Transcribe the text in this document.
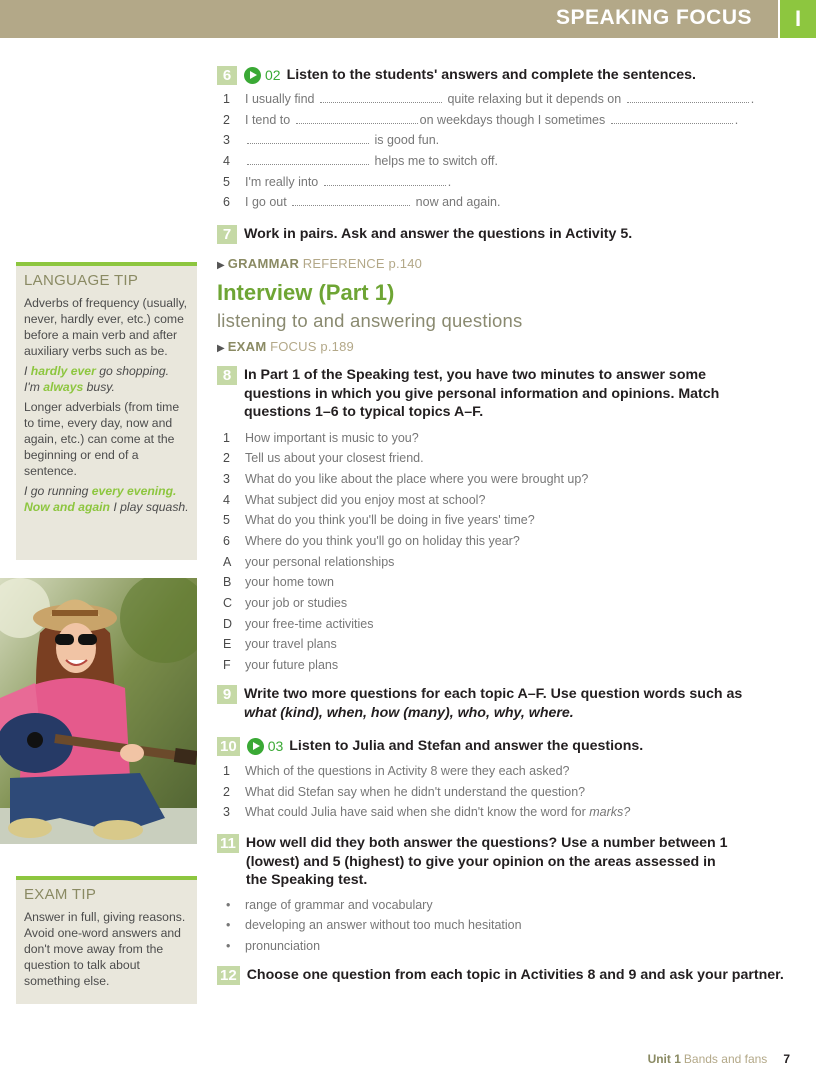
SPEAKING FOCUS	I
LANGUAGE TIP
Adverbs of frequency (usually, never, hardly ever, etc.) come before a main verb and after auxiliary verbs such as be.
I hardly ever go shopping.
I'm always busy.
Longer adverbials (from time to time, every day, now and again, etc.) can come at the beginning or end of a sentence.
I go running every evening.
Now and again I play squash.
EXAM TIP
Answer in full, giving reasons. Avoid one-word answers and don't move away from the question to talk about something else.
6	02 Listen to the students' answers and complete the sentences.
1	I usually find	quite relaxing but it depends on	.
2	I tend to	on weekdays though I sometimes	.
3	is good fun.
4	helps me to switch off.
5	I'm really into	.
6	I go out	now and again.
7 Work in pairs. Ask and answer the questions in Activity 5.
▶ GRAMMAR REFERENCE p.140
Interview (Part 1)
listening to and answering questions
▶ EXAM FOCUS p.189
8 In Part 1 of the Speaking test, you have two minutes to answer some questions in which you give personal information and opinions. Match questions 1–6 to typical topics A–F.
1	How important is music to you?
2	Tell us about your closest friend.
3	What do you like about the place where you were brought up?
4	What subject did you enjoy most at school?
5	What do you think you'll be doing in five years' time?
6	Where do you think you'll go on holiday this year?
A	your personal relationships
B	your home town
C	your job or studies
D	your free-time activities
E	your travel plans
F	your future plans
9 Write two more questions for each topic A–F. Use question words such as what (kind), when, how (many), who, why, where.
10 03 Listen to Julia and Stefan and answer the questions.
1	Which of the questions in Activity 8 were they each asked?
2	What did Stefan say when he didn't understand the question?
3	What could Julia have said when she didn't know the word for marks?
11 How well did they both answer the questions? Use a number between 1 (lowest) and 5 (highest) to give your opinion on the areas assessed in the Speaking test.
•	range of grammar and vocabulary
•	developing an answer without too much hesitation
•	pronunciation
12 Choose one question from each topic in Activities 8 and 9 and ask your partner.
Unit 1 Bands and fans 7
